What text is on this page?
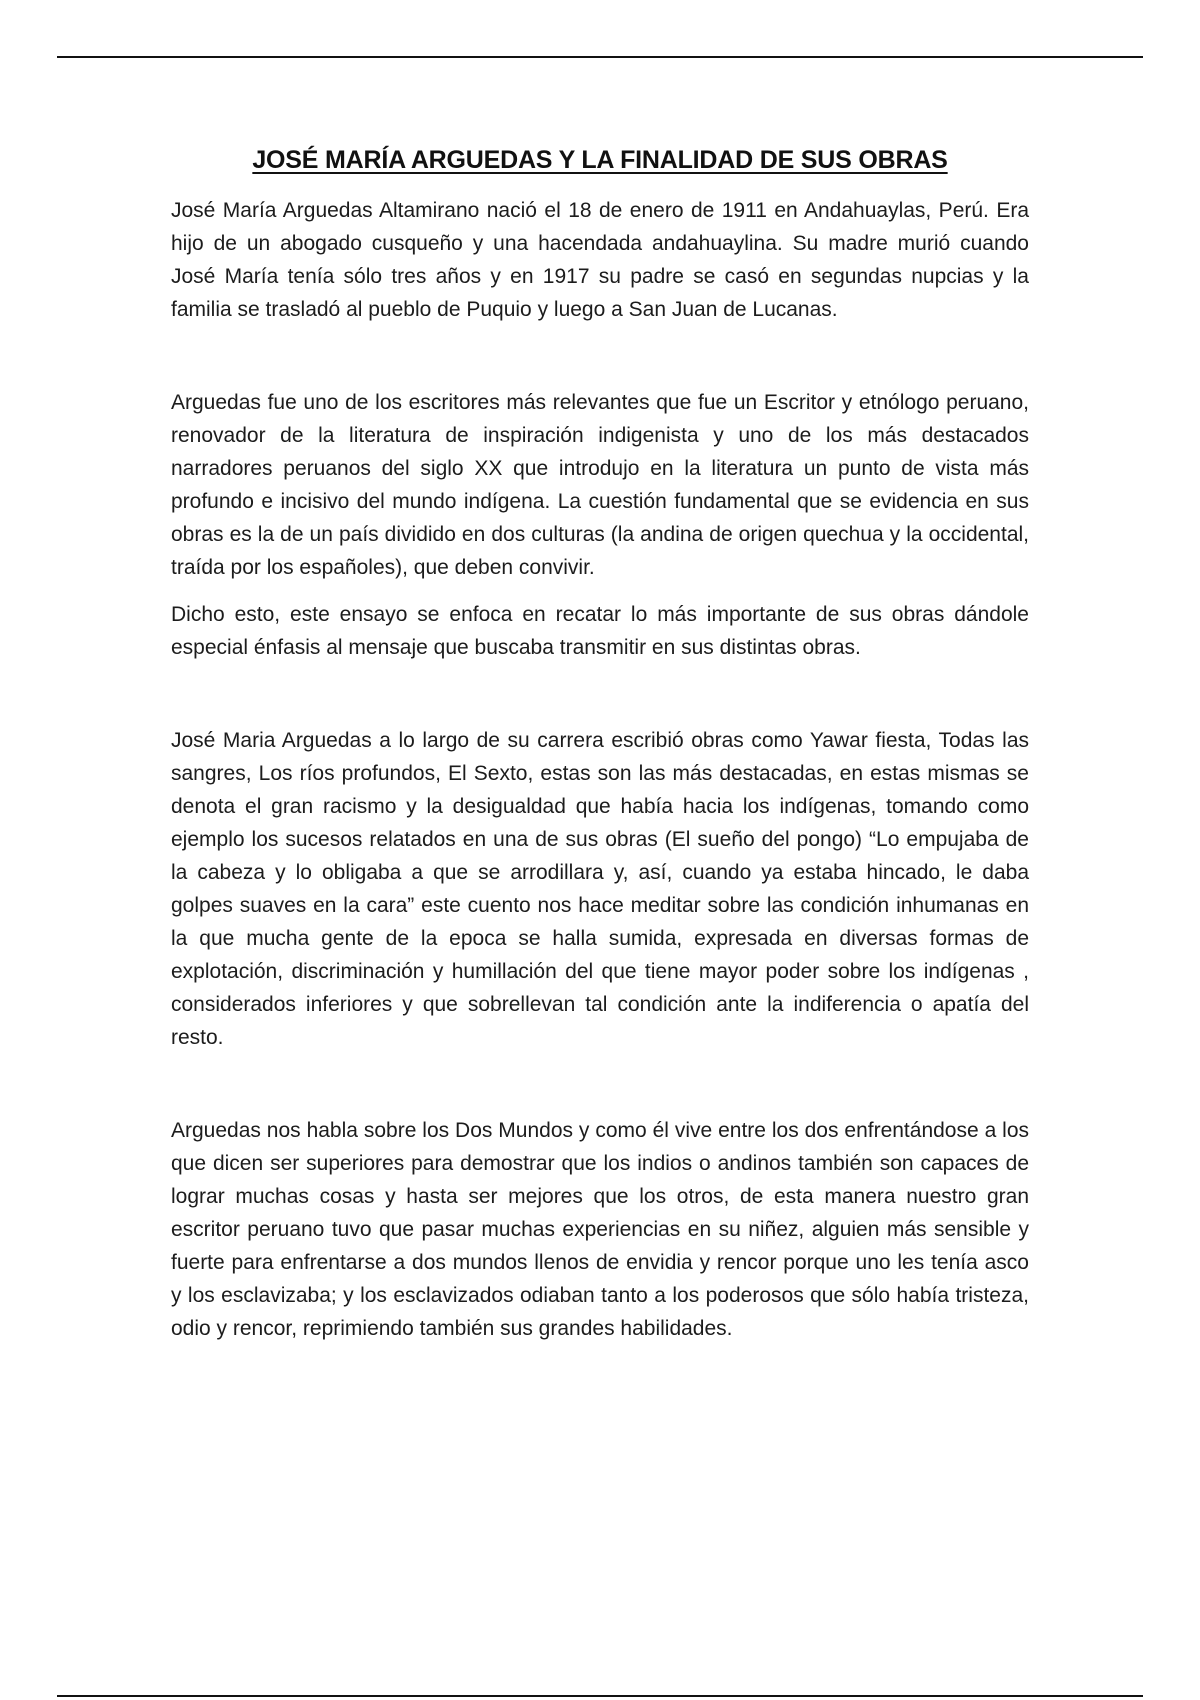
JOSÉ MARÍA ARGUEDAS Y LA FINALIDAD DE SUS OBRAS

José María Arguedas Altamirano nació el 18 de enero de 1911 en Andahuaylas, Perú. Era hijo de un abogado cusqueño y una hacendada andahuaylina. Su madre murió cuando José María tenía sólo tres años y en 1917 su padre se casó en segundas nupcias y la familia se trasladó al pueblo de Puquio y luego a San Juan de Lucanas.

Arguedas fue uno de los escritores más relevantes que fue un Escritor y etnólogo peruano, renovador de la literatura de inspiración indigenista y uno de los más destacados narradores peruanos del siglo XX que introdujo en la literatura un punto de vista más profundo e incisivo del mundo indígena. La cuestión fundamental que se evidencia en sus obras es la de un país dividido en dos culturas (la andina de origen quechua y la occidental, traída por los españoles), que deben convivir.

Dicho esto, este ensayo se enfoca en recatar lo más importante de sus obras dándole especial énfasis al mensaje que buscaba transmitir en sus distintas obras.

José Maria Arguedas a lo largo de su carrera escribió obras como Yawar fiesta, Todas las sangres, Los ríos profundos, El Sexto, estas son las más destacadas, en estas mismas se denota el gran racismo y la desigualdad que había hacia los indígenas, tomando como ejemplo los sucesos relatados en una de sus obras (El sueño del pongo) “Lo empujaba de la cabeza y lo obligaba a que se arrodillara y, así, cuando ya estaba hincado, le daba golpes suaves en la cara” este cuento nos hace meditar sobre las condición inhumanas en la que mucha gente de la epoca se halla sumida, expresada en diversas formas de explotación, discriminación y humillación del que tiene mayor poder sobre los indígenas , considerados inferiores y que sobrellevan tal condición ante la indiferencia o apatía del resto.

Arguedas nos habla sobre los Dos Mundos y como él vive entre los dos enfrentándose a los que dicen ser superiores para demostrar que los indios o andinos también son capaces de lograr muchas cosas y hasta ser mejores que los otros, de esta manera nuestro gran escritor peruano tuvo que pasar muchas experiencias en su niñez, alguien más sensible y fuerte para enfrentarse a dos mundos llenos de envidia y rencor porque uno les tenía asco y los esclavizaba; y los esclavizados odiaban tanto a los poderosos que sólo había tristeza, odio y rencor, reprimiendo también sus grandes habilidades.
